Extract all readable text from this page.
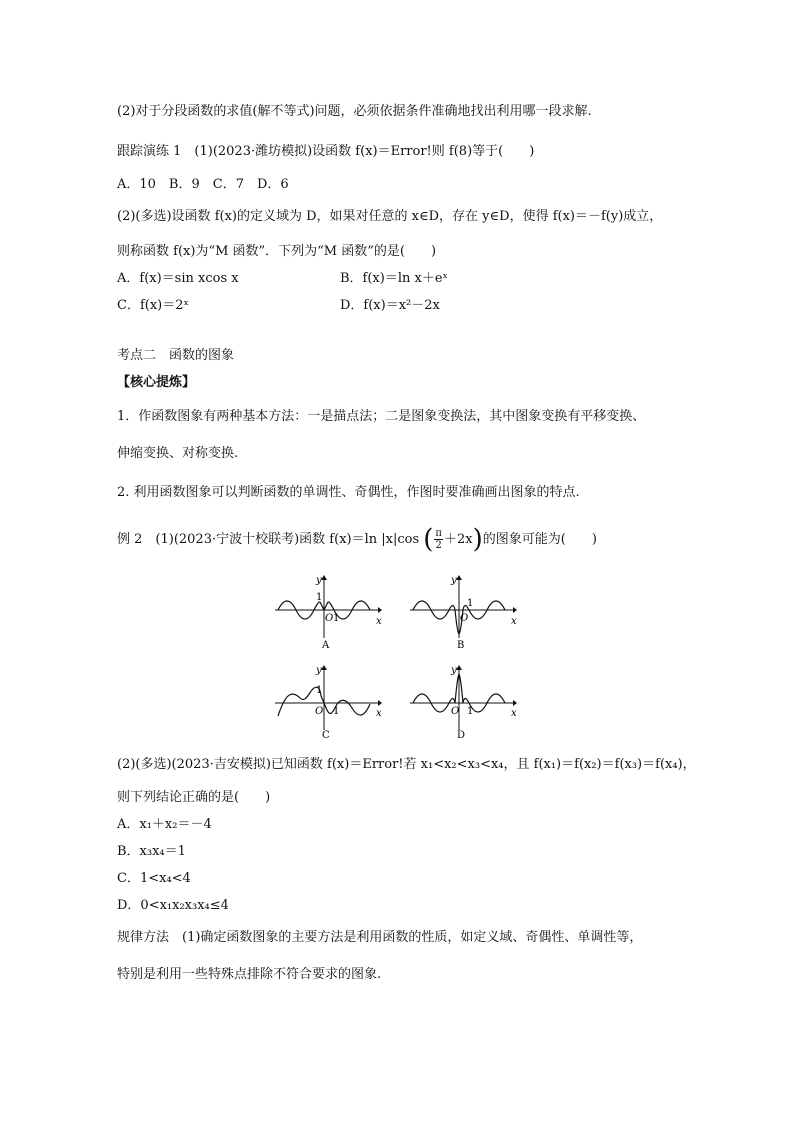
(2)对于分段函数的求值(解不等式)问题，必须依据条件准确地找出利用哪一段求解.
跟踪演练 1　(1)(2023·潍坊模拟)设函数 f(x)＝Error!则 f(8)等于(　　)
A．10　B．9　C．7　D．6
(2)(多选)设函数 f(x)的定义域为 D，如果对任意的 x∈D，存在 y∈D，使得 f(x)＝－f(y)成立，
则称函数 f(x)为“M 函数”．下列为“M 函数”的是(　　)
A．f(x)＝sin xcos x	B．f(x)＝ln x＋eˣ
C．f(x)＝2ˣ	D．f(x)＝x²－2x
考点二　函数的图象
【核心提炼】
1．作函数图象有两种基本方法：一是描点法；二是图象变换法，其中图象变换有平移变换、
伸缩变换、对称变换.
2. 利用函数图象可以判断函数的单调性、奇偶性，作图时要准确画出图象的特点.
例 2　(1)(2023·宁波十校联考)函数 f(x)＝ln |x|cos ( $\frac{\pi}{2} +2x$)的图象可能为(　　)
y
x
1
O 1
A
y
x
1
O
B
y
x
1
O 1
C
y
x
O 1
D
(2)(多选)(2023·吉安模拟)已知函数 f(x)＝Error!若 x₁<x₂<x₃<x₄，且 f(x₁)＝f(x₂)＝f(x₃)＝f(x₄)，
则下列结论正确的是(　　)
A．x₁＋x₂＝－4
B．x₃x₄＝1
C．1<x₄<4
D．0<x₁x₂x₃x₄≤4
规律方法　(1)确定函数图象的主要方法是利用函数的性质，如定义域、奇偶性、单调性等，
特别是利用一些特殊点排除不符合要求的图象.
